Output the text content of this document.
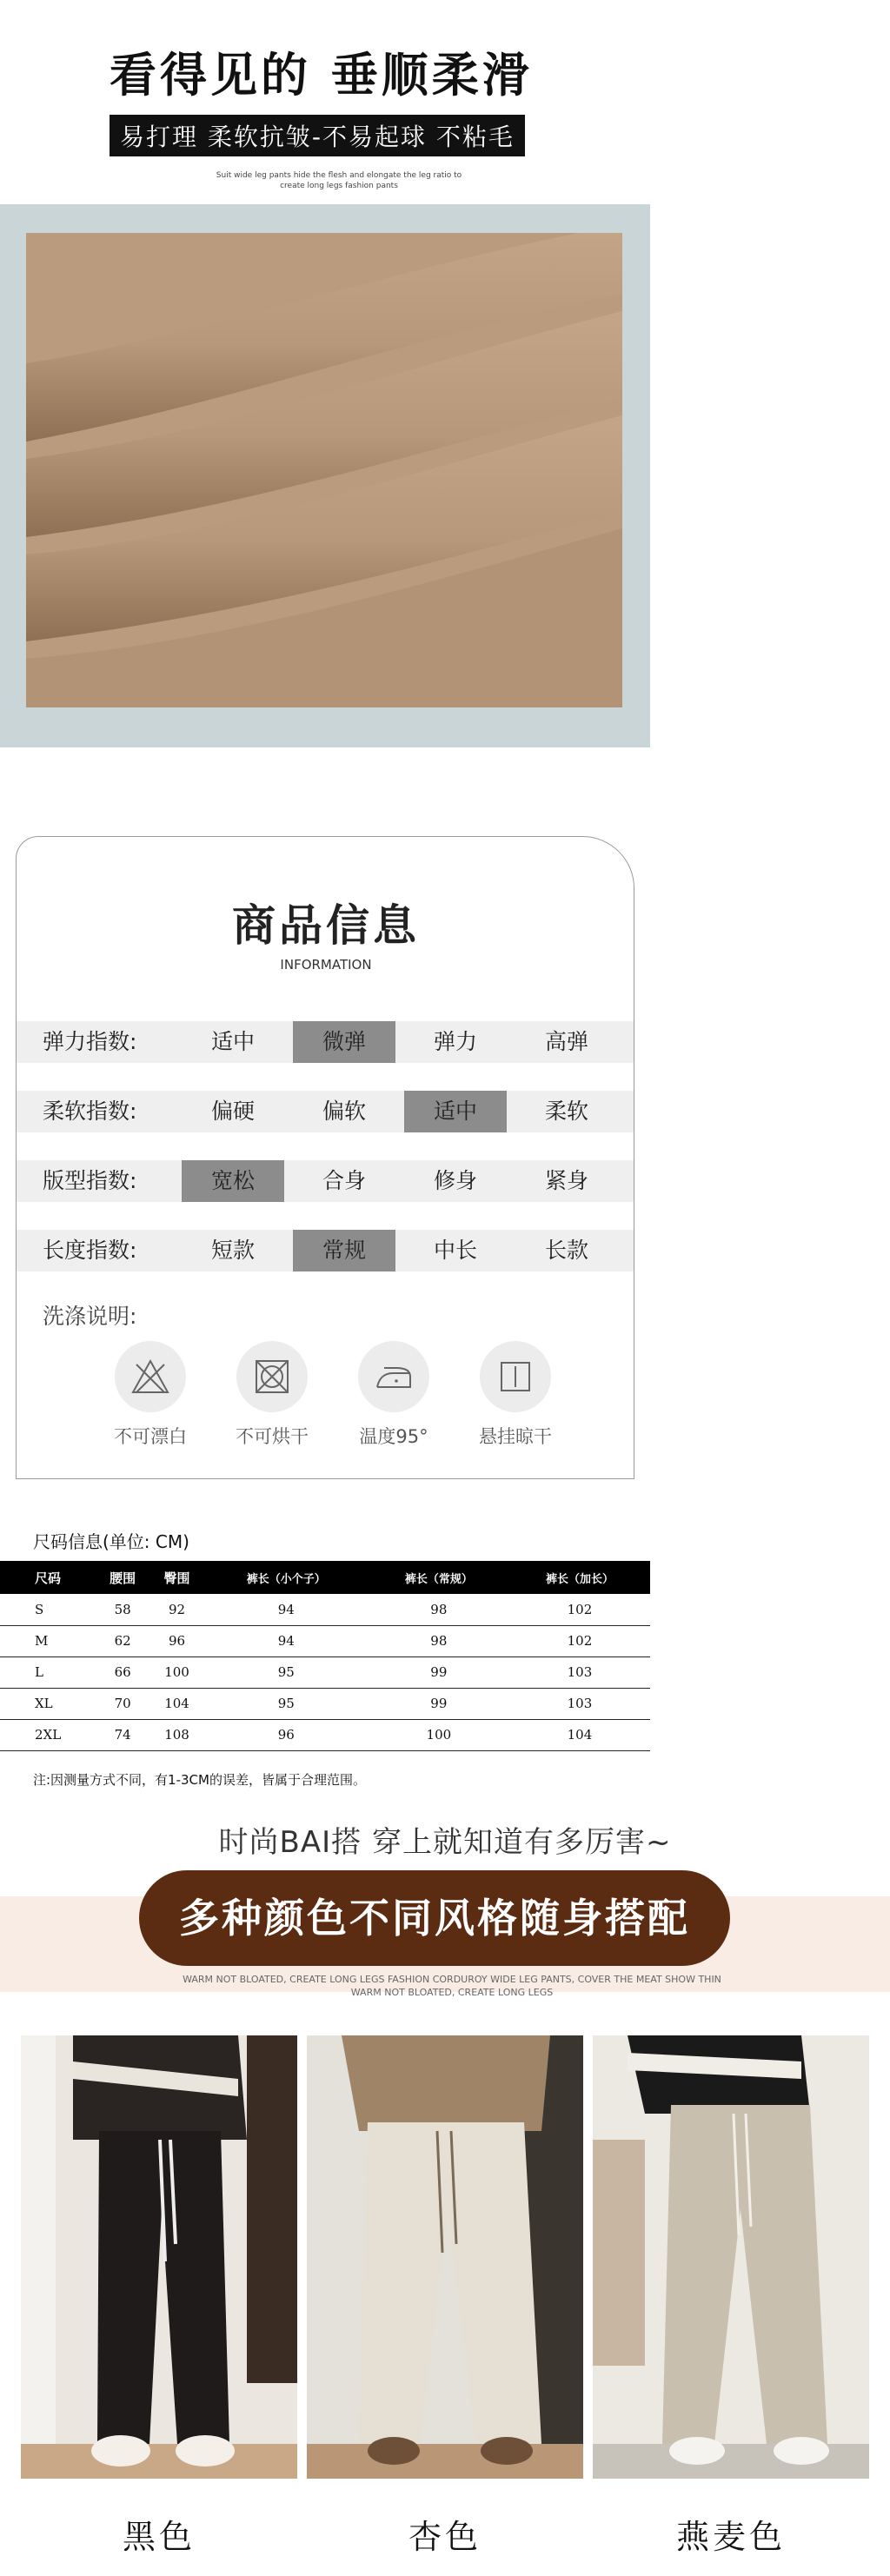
看得见的 垂顺柔滑
易打理 柔软抗皱-不易起球 不粘毛
Suit wide leg pants hide the flesh and elongate the leg ratio to create long legs fashion pants
商品信息
INFORMATION
弹力指数:	适中	微弹	弹力	高弹
柔软指数:	偏硬	偏软	适中	柔软
版型指数:	宽松	合身	修身	紧身
长度指数:	短款	常规	中长	长款
洗涤说明:
不可漂白	不可烘干	温度95°	悬挂晾干
尺码信息(单位: CM)
尺码	腰围	臀围	裤长（小个子）	裤长（常规）	裤长（加长）
S	58	92	94	98	102
M	62	96	94	98	102
L	66	100	95	99	103
XL	70	104	95	99	103
2XL	74	108	96	100	104
注:因测量方式不同，有1-3CM的误差，皆属于合理范围。
时尚BAI搭 穿上就知道有多厉害~
多种颜色不同风格随身搭配
WARM NOT BLOATED, CREATE LONG LEGS FASHION CORDUROY WIDE LEG PANTS, COVER THE MEAT SHOW THIN WARM NOT BLOATED, CREATE LONG LEGS
黑色	杏色	燕麦色
